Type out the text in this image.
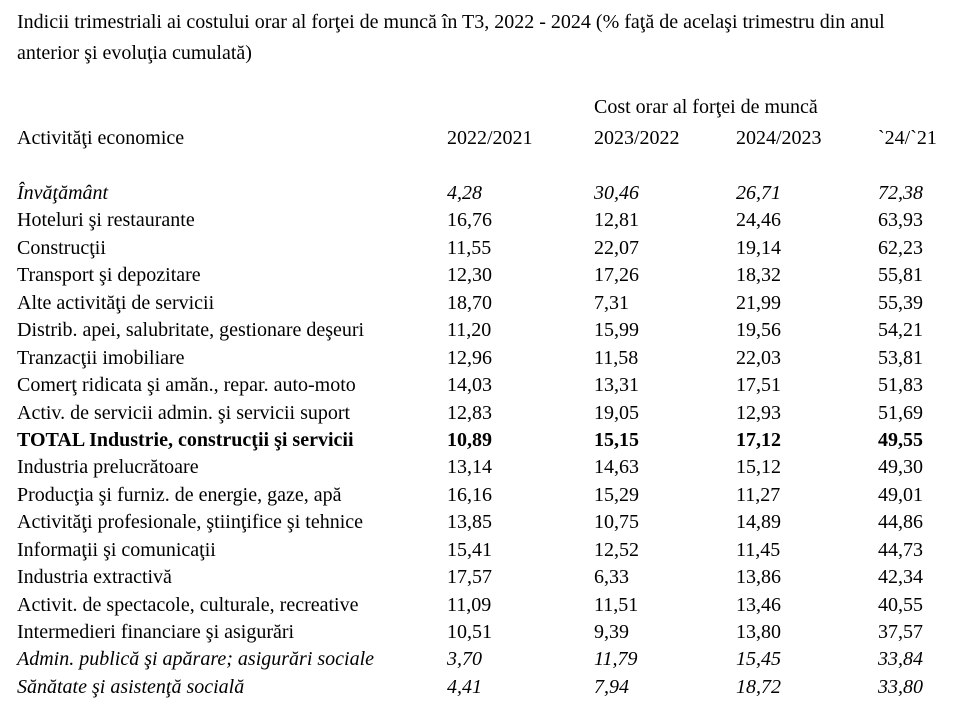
Indicii trimestriali ai costului orar al forţei de muncă în T3, 2022 - 2024 (% faţă de acelaşi trimestru din anul anterior şi evoluţia cumulată)
Cost orar al forţei de muncă
Activităţi economice	2022/2021	2023/2022	2024/2023	`24/`21
Învăţământ	4,28	30,46	26,71	72,38
Hoteluri şi restaurante	16,76	12,81	24,46	63,93
Construcţii	11,55	22,07	19,14	62,23
Transport şi depozitare	12,30	17,26	18,32	55,81
Alte activităţi de servicii	18,70	7,31	21,99	55,39
Distrib. apei, salubritate, gestionare deşeuri	11,20	15,99	19,56	54,21
Tranzacţii imobiliare	12,96	11,58	22,03	53,81
Comerţ ridicata şi amăn., repar. auto-moto	14,03	13,31	17,51	51,83
Activ. de servicii admin. şi servicii suport	12,83	19,05	12,93	51,69
TOTAL Industrie, construcţii şi servicii	10,89	15,15	17,12	49,55
Industria prelucrătoare	13,14	14,63	15,12	49,30
Producţia şi furniz. de energie, gaze, apă	16,16	15,29	11,27	49,01
Activităţi profesionale, ştiinţifice şi tehnice	13,85	10,75	14,89	44,86
Informaţii şi comunicaţii	15,41	12,52	11,45	44,73
Industria extractivă	17,57	6,33	13,86	42,34
Activit. de spectacole, culturale, recreative	11,09	11,51	13,46	40,55
Intermedieri financiare şi asigurări	10,51	9,39	13,80	37,57
Admin. publică şi apărare; asigurări sociale	3,70	11,79	15,45	33,84
Sănătate şi asistenţă socială	4,41	7,94	18,72	33,80
